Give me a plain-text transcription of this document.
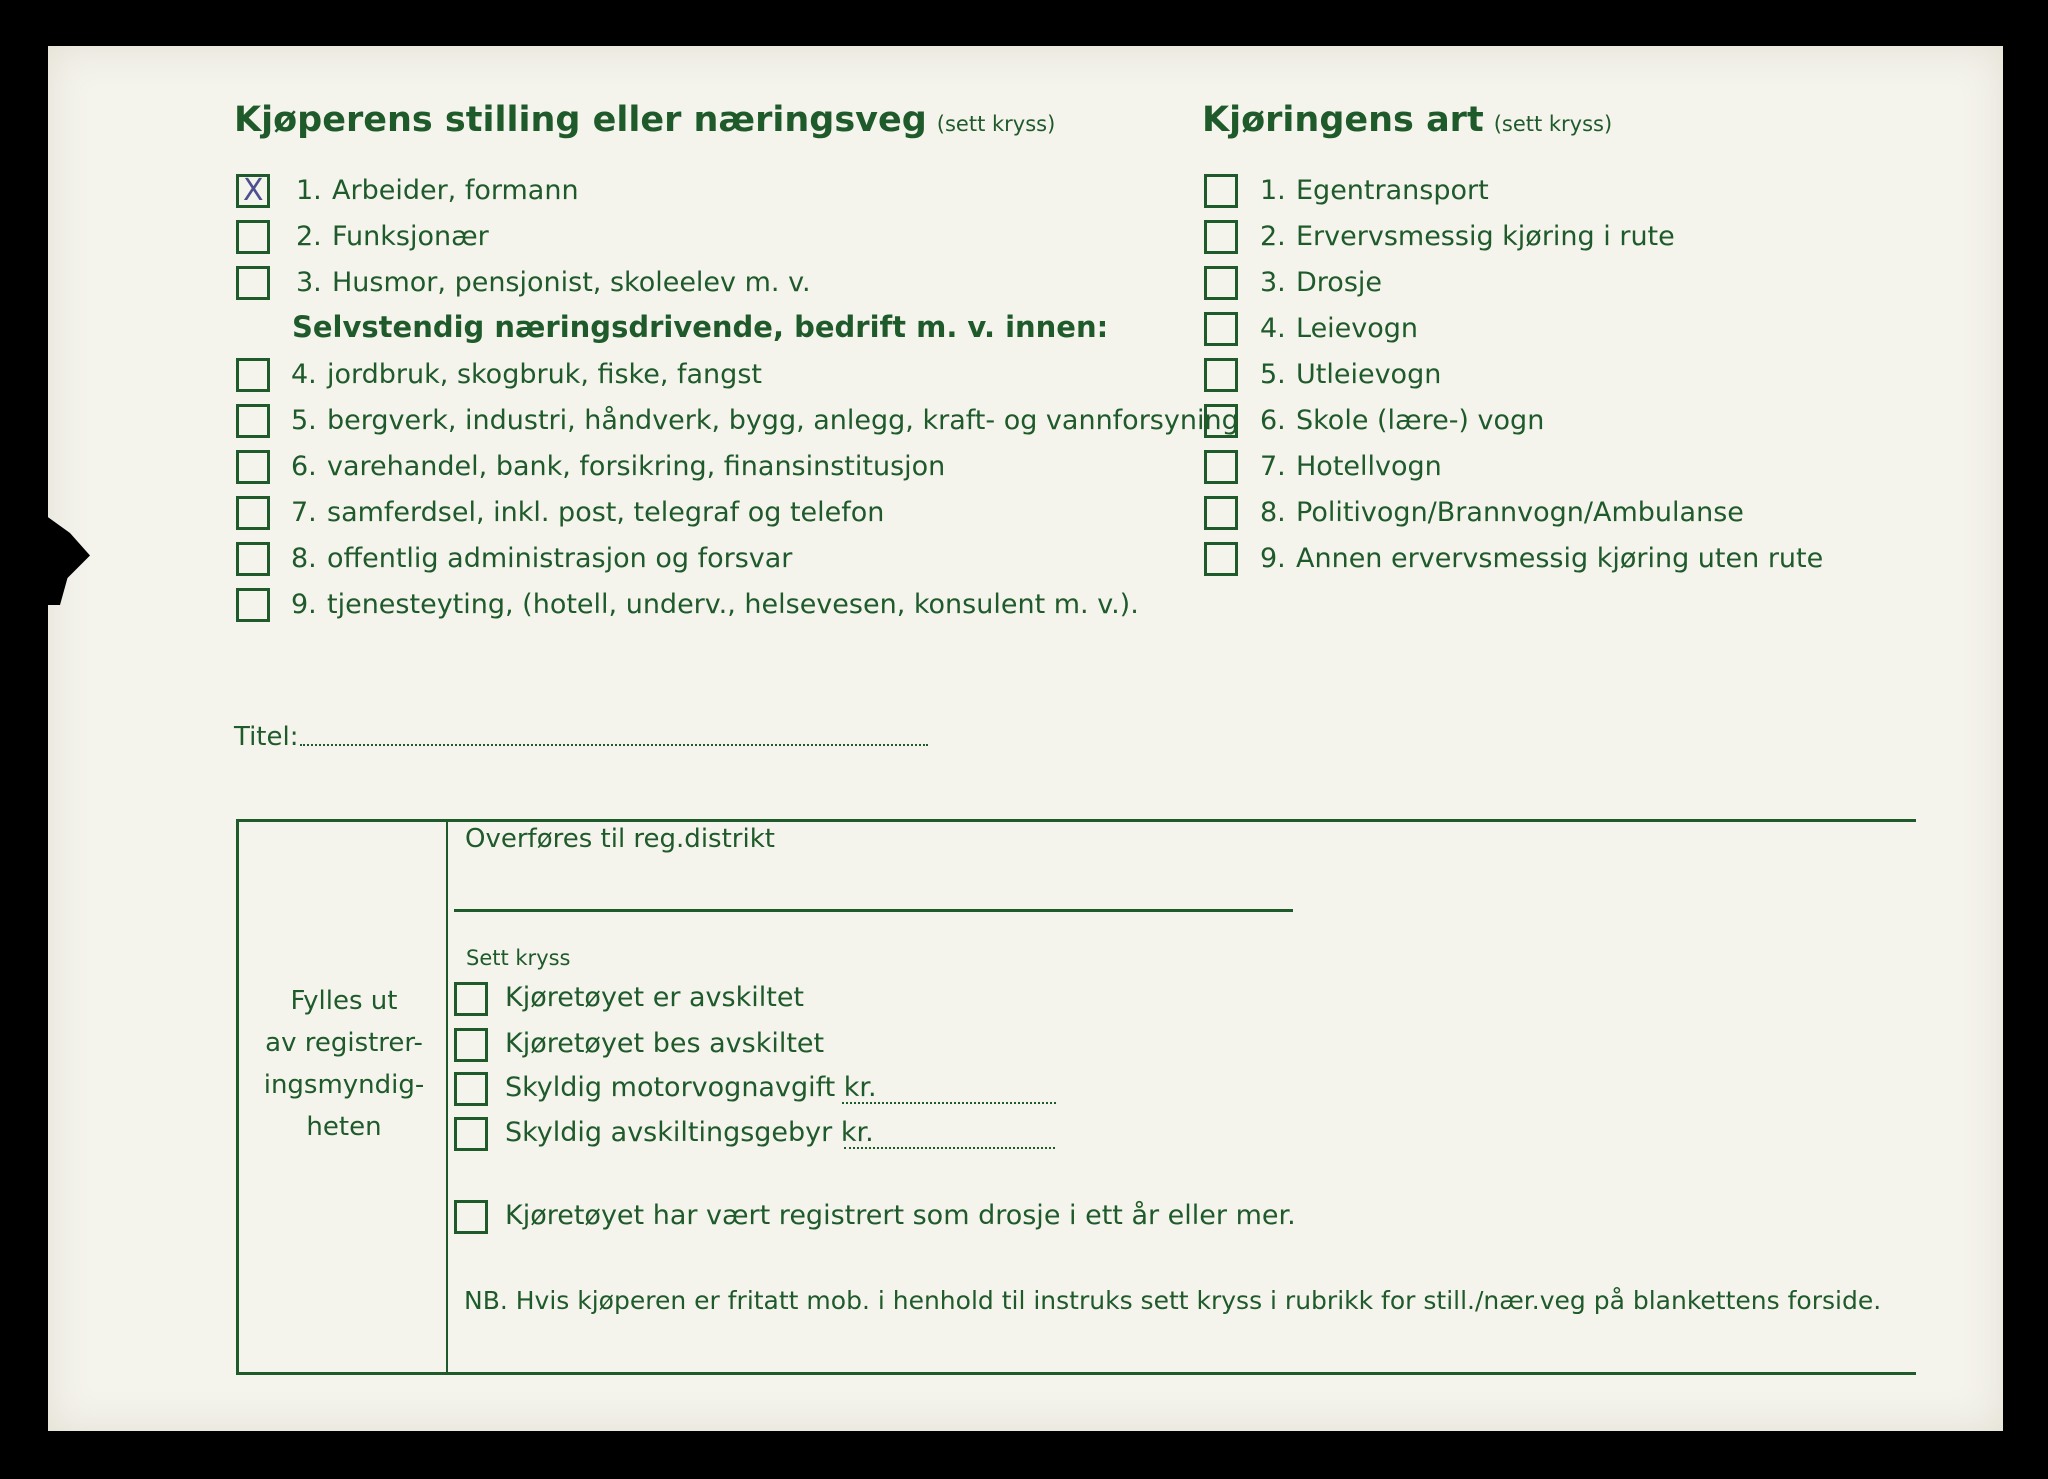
Kjøperens stilling eller næringsveg (sett kryss)
X 1. Arbeider, formann
2. Funksjonær
3. Husmor, pensjonist, skoleelev m. v.
Selvstendig næringsdrivende, bedrift m. v. innen:
4. jordbruk, skogbruk, fiske, fangst
5. bergverk, industri, håndverk, bygg, anlegg, kraft- og vannforsyning
6. varehandel, bank, forsikring, finansinstitusjon
7. samferdsel, inkl. post, telegraf og telefon
8. offentlig administrasjon og forsvar
9. tjenesteyting, (hotell, underv., helsevesen, konsulent m. v.).
Kjøringens art (sett kryss)
1. Egentransport
2. Ervervsmessig kjøring i rute
3. Drosje
4. Leievogn
5. Utleievogn
6. Skole (lære-) vogn
7. Hotellvogn
8. Politivogn/Brannvogn/Ambulanse
9. Annen ervervsmessig kjøring uten rute
Titel:
Fylles ut
av registrer-
ingsmyndig-
heten
Overføres til reg.distrikt
Sett kryss
Kjøretøyet er avskiltet
Kjøretøyet bes avskiltet
Skyldig motorvognavgift kr.
Skyldig avskiltingsgebyr kr.
Kjøretøyet har vært registrert som drosje i ett år eller mer.
NB. Hvis kjøperen er fritatt mob. i henhold til instruks sett kryss i rubrikk for still./nær.veg på blankettens forside.
